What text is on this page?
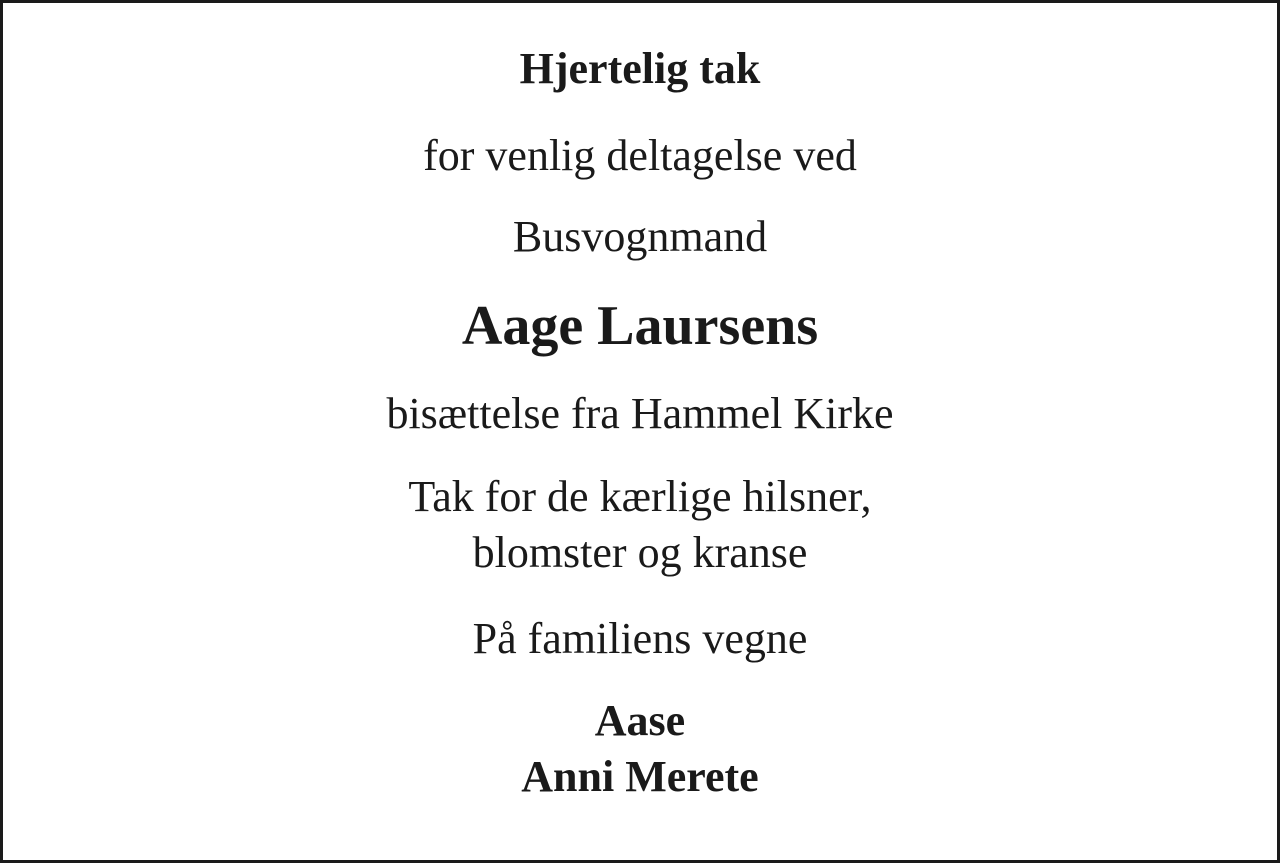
Hjertelig tak
for venlig deltagelse ved
Busvognmand
Aage Laursens
bisættelse fra Hammel Kirke
Tak for de kærlige hilsner,
blomster og kranse
På familiens vegne
Aase
Anni Merete
